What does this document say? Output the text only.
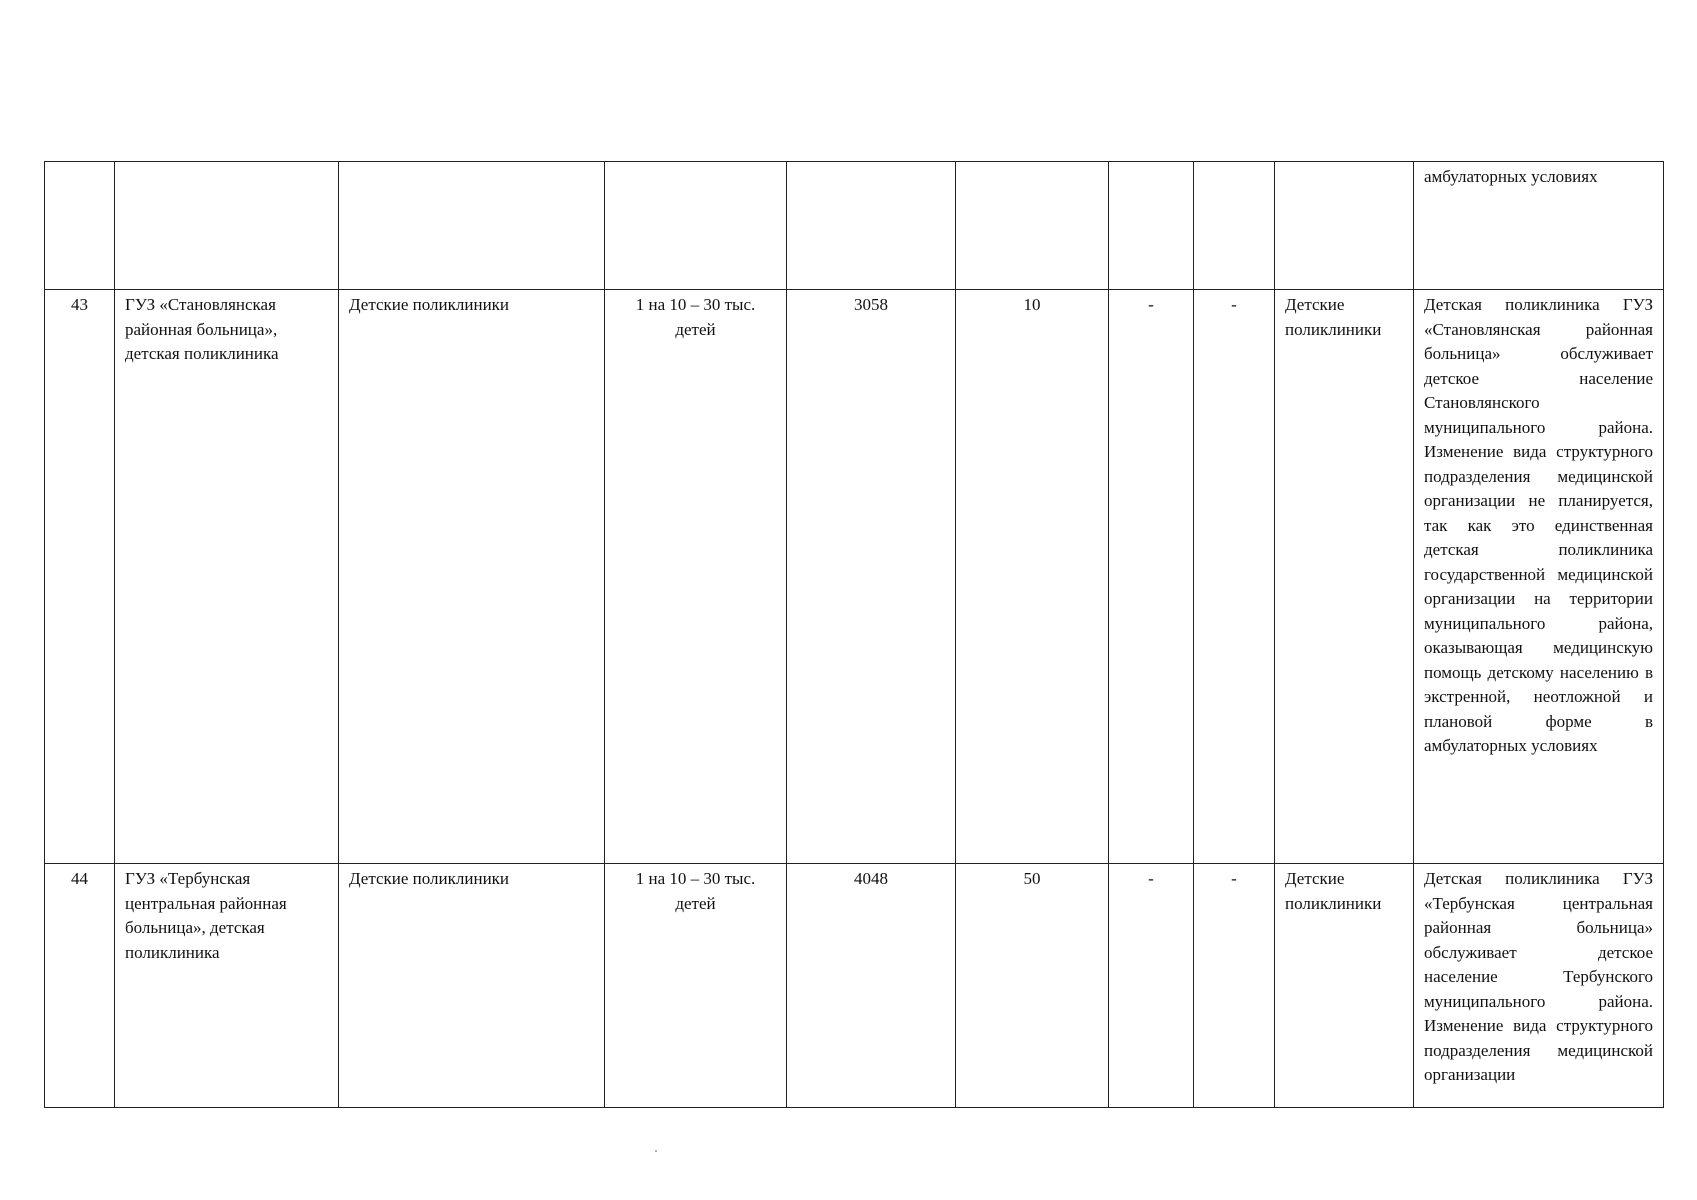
									амбулаторных условиях
43	ГУЗ «Становлянская районная больница», детская поликлиника	Детские поликлиники	1 на 10 – 30 тыс. детей	3058	10	-	-	Детские поликлиники	Детская поликлиника ГУЗ «Становлянская районная больница» обслуживает детское население Становлянского муниципального района. Изменение вида структурного подразделения медицинской организации не планируется, так как это единственная детская поликлиника государственной медицинской организации на территории муниципального района, оказывающая медицинскую помощь детскому населению в экстренной, неотложной и плановой форме в амбулаторных условиях
44	ГУЗ «Тербунская центральная районная больница», детская поликлиника	Детские поликлиники	1 на 10 – 30 тыс. детей	4048	50	-	-	Детские поликлиники	Детская поликлиника ГУЗ «Тербунская центральная районная больница» обслуживает детское население Тербунского муниципального района. Изменение вида структурного подразделения медицинской организации
